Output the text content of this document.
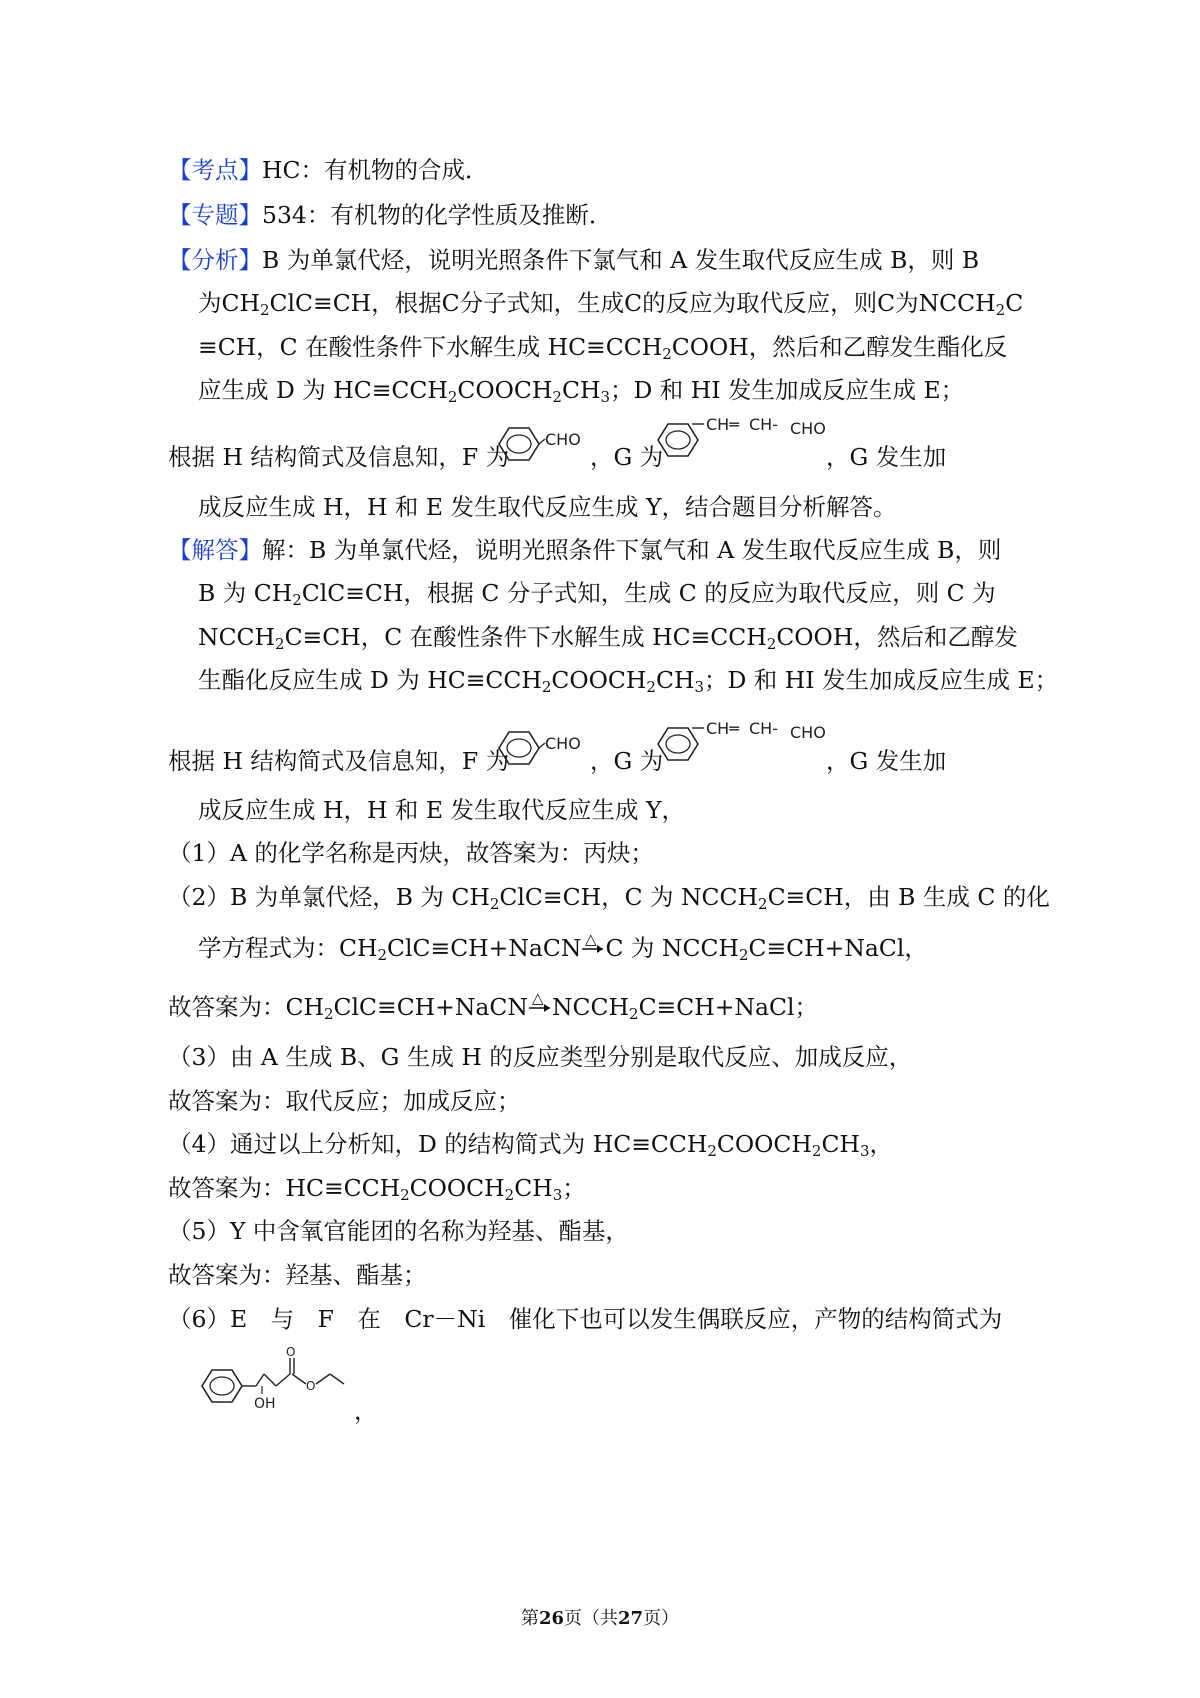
【考点】HC：有机物的合成．
【专题】534：有机物的化学性质及推断．
【分析】B 为单氯代烃，说明光照条件下氯气和 A 发生取代反应生成 B，则 B
为$CH_2ClC\equiv CH$，根据C分子式知，生成C的反应为取代反应，则C为$NCCH_2C$
≡CH，C 在酸性条件下水解生成 $HC\equiv CCH_2COOH$，然后和乙醇发生酯化反
应生成 D 为 $HC\equiv CCH_2COOCH_2CH_3$；D 和 HI 发生加成反应生成 E；
根据 H 结构简式及信息知，F 为	，G 为	，G 发生加
成反应生成 H，H 和 E 发生取代反应生成 Y，结合题目分析解答。
CHO
CH═ CH- CHO
【解答】解：B 为单氯代烃，说明光照条件下氯气和 A 发生取代反应生成 B，则
B 为 $CH_2ClC\equiv CH$，根据 C 分子式知，生成 C 的反应为取代反应，则 C 为
$NCCH_2C\equiv CH$，C 在酸性条件下水解生成 $HC\equiv CCH_2COOH$，然后和乙醇发
生酯化反应生成 D 为 $HC\equiv CCH_2COOCH_2CH_3$；D 和 HI 发生加成反应生成 E；
根据 H 结构简式及信息知，F 为	，G 为	，G 发生加
成反应生成 H，H 和 E 发生取代反应生成 Y，
CHO
CH═ CH- CHO
（1）A 的化学名称是丙炔，故答案为：丙炔；
（2）B 为单氯代烃，B 为 $CH_2ClC\equiv CH$，C 为 $NCCH_2C\equiv CH$，由 B 生成 C 的化
学方程式为：$CH_2ClC\equiv CH+NaCN$ △ C 为 $NCCH_2C\equiv CH+NaCl$，
故答案为：$CH_2ClC\equiv CH+NaCN$ △ $NCCH_2C\equiv CH+NaCl$；
（3）由 A 生成 B、G 生成 H 的反应类型分别是取代反应、加成反应，
故答案为：取代反应；加成反应；
（4）通过以上分析知，D 的结构简式为 $HC\equiv CCH_2COOCH_2CH_3$，
故答案为：$HC\equiv CCH_2COOCH_2CH_3$；
（5）Y 中含氧官能团的名称为羟基、酯基，
故答案为：羟基、酯基；
（6）E　与　F　在　Cr－Ni　催化下也可以发生偶联反应，产物的结构简式为
OH
O
O
，
第26页（共27页）
